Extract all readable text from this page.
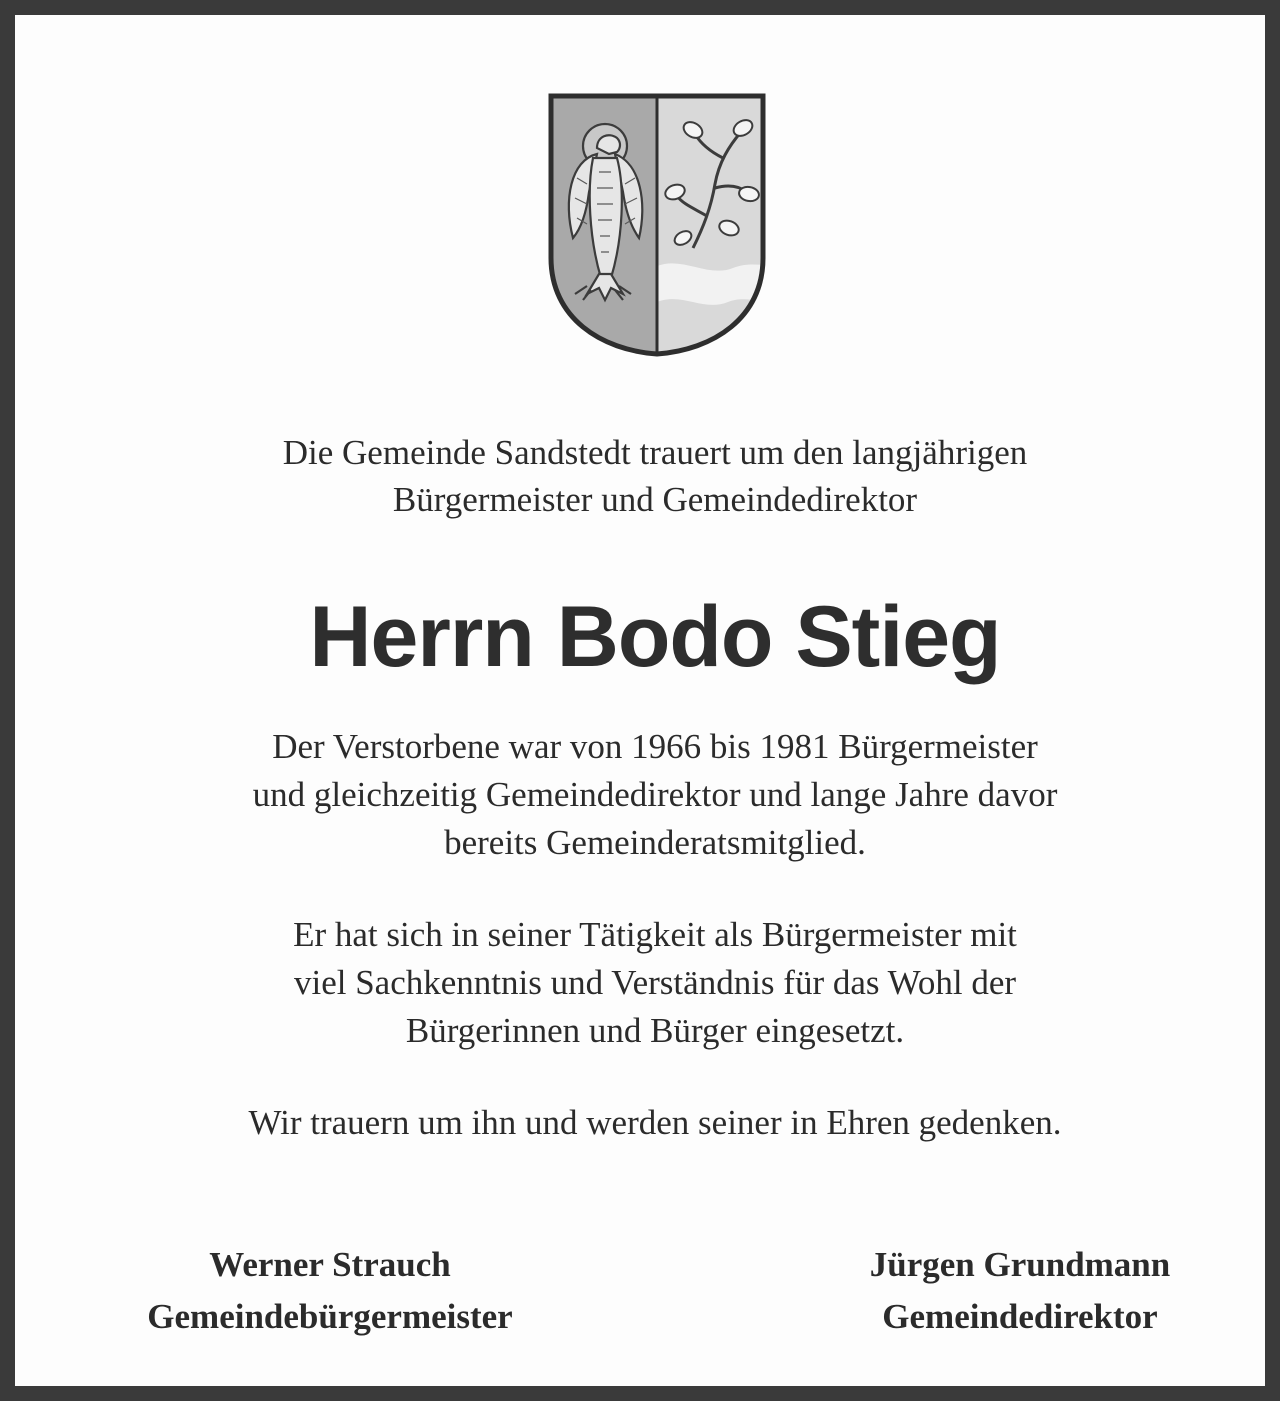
Die Gemeinde Sandstedt trauert um den langjährigen
Bürgermeister und Gemeindedirektor
Herrn Bodo Stieg
Der Verstorbene war von 1966 bis 1981 Bürgermeister
und gleichzeitig Gemeindedirektor und lange Jahre davor
bereits Gemeinderatsmitglied.
Er hat sich in seiner Tätigkeit als Bürgermeister mit
viel Sachkenntnis und Verständnis für das Wohl der
Bürgerinnen und Bürger eingesetzt.
Wir trauern um ihn und werden seiner in Ehren gedenken.
Werner Strauch
Gemeindebürgermeister
Jürgen Grundmann
Gemeindedirektor
